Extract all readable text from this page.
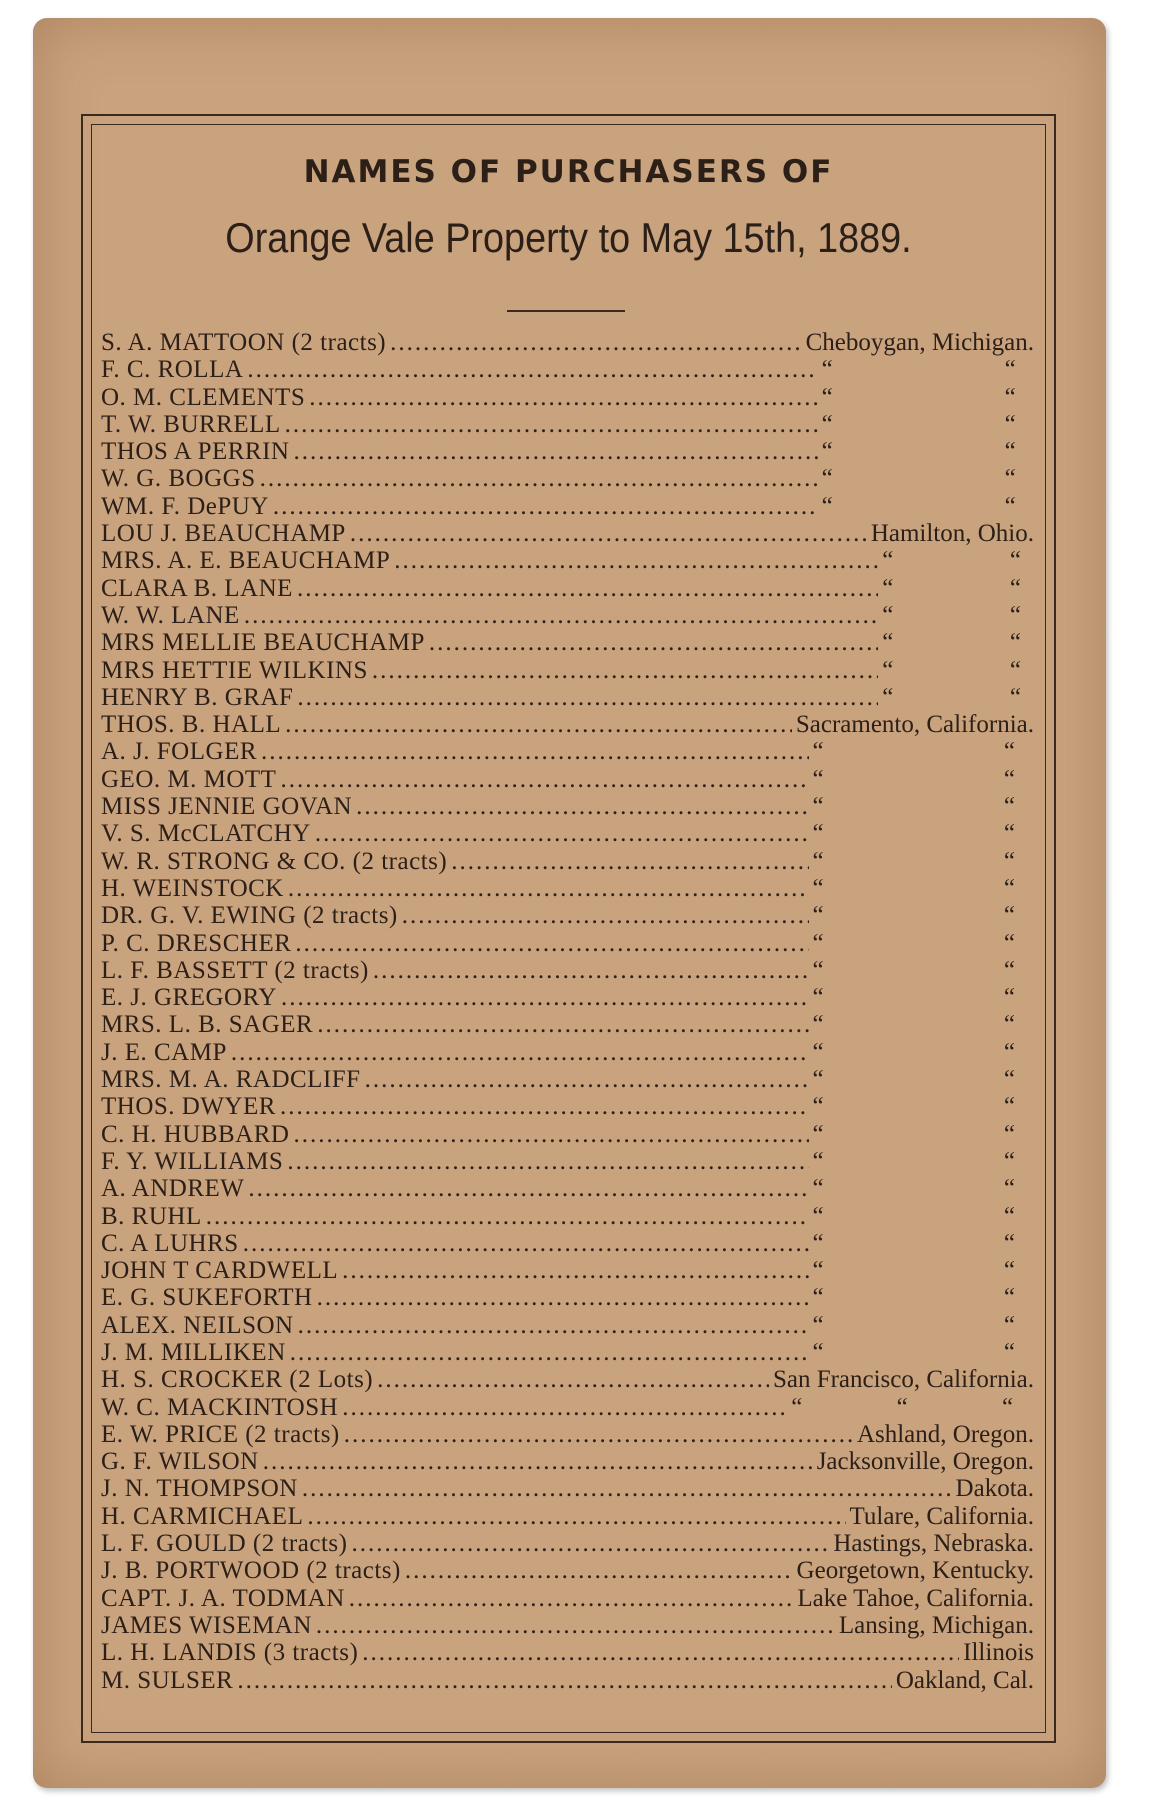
NAMES OF PURCHASERS OF
Orange Vale Property to May 15th, 1889.
S. A. MATTOON (2 tracts) .....	Cheboygan, Michigan.
F. C. ROLLA .....	“	“
O. M. CLEMENTS .....	“	“
T. W. BURRELL .....	“	“
THOS A PERRIN .....	“	“
W. G. BOGGS .....	“	“
WM. F. DePUY .....	“	“
LOU J. BEAUCHAMP .....	Hamilton, Ohio.
MRS. A. E. BEAUCHAMP .....	“	“
CLARA B. LANE .....	“	“
W. W. LANE .....	“	“
MRS MELLIE BEAUCHAMP .....	“	“
MRS HETTIE WILKINS .....	“	“
HENRY B. GRAF .....	“	“
THOS. B. HALL .....	Sacramento, California.
A. J. FOLGER .....	“	“
GEO. M. MOTT .....	“	“
MISS JENNIE GOVAN .....	“	“
V. S. McCLATCHY .....	“	“
W. R. STRONG & CO. (2 tracts) .....	“	“
H. WEINSTOCK .....	“	“
DR. G. V. EWING (2 tracts) .....	“	“
P. C. DRESCHER .....	“	“
L. F. BASSETT (2 tracts) .....	“	“
E. J. GREGORY .....	“	“
MRS. L. B. SAGER .....	“	“
J. E. CAMP .....	“	“
MRS. M. A. RADCLIFF .....	“	“
THOS. DWYER .....	“	“
C. H. HUBBARD .....	“	“
F. Y. WILLIAMS .....	“	“
A. ANDREW .....	“	“
B. RUHL .....	“	“
C. A LUHRS .....	“	“
JOHN T CARDWELL .....	“	“
E. G. SUKEFORTH .....	“	“
ALEX. NEILSON .....	“	“
J. M. MILLIKEN .....	“	“
H. S. CROCKER (2 Lots) .....	San Francisco, California.
W. C. MACKINTOSH .....	“	“	“
E. W. PRICE (2 tracts) .....	Ashland, Oregon.
G. F. WILSON .....	Jacksonville, Oregon.
J. N. THOMPSON .....	Dakota.
H. CARMICHAEL .....	Tulare, California.
L. F. GOULD (2 tracts) .....	Hastings, Nebraska.
J. B. PORTWOOD (2 tracts) .....	Georgetown, Kentucky.
CAPT. J. A. TODMAN .....	Lake Tahoe, California.
JAMES WISEMAN .....	Lansing, Michigan.
L. H. LANDIS (3 tracts) .....	Illinois
M. SULSER .....	Oakland, Cal.
